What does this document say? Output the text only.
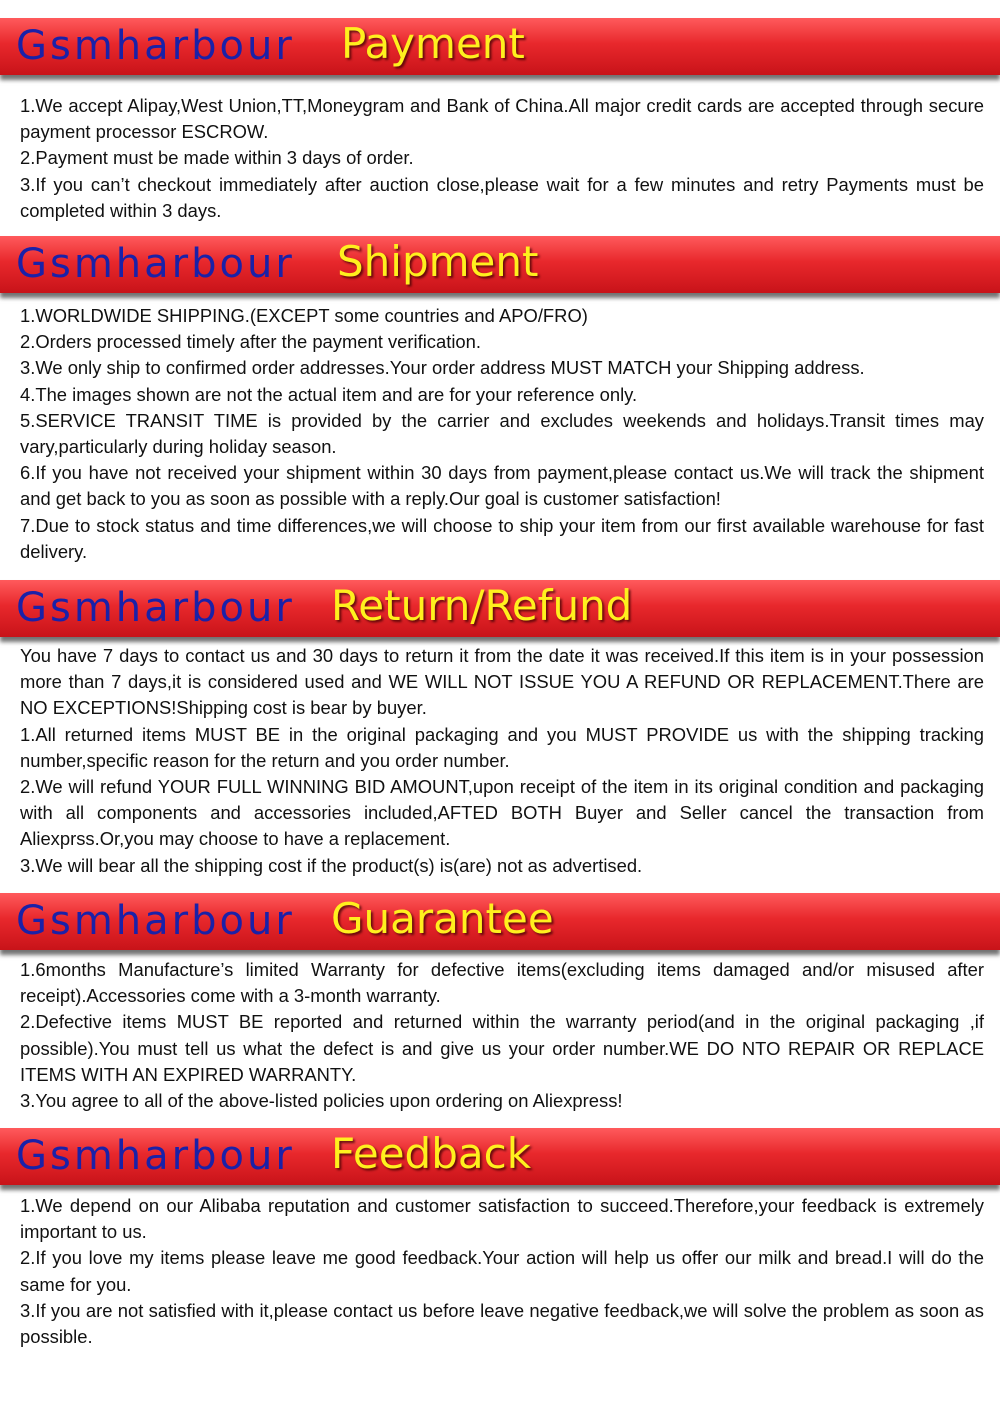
Gsmharbour Payment

1.We accept Alipay,West Union,TT,Moneygram and Bank of China.All major credit cards are accepted through secure payment processor ESCROW.

2.Payment must be made within 3 days of order.

3.If you can’t checkout immediately after auction close,please wait for a few minutes and retry Payments must be completed within 3 days.

Gsmharbour Shipment

1.WORLDWIDE SHIPPING.(EXCEPT some countries and APO/FRO)

2.Orders processed timely after the payment verification.

3.We only ship to confirmed order addresses.Your order address MUST MATCH your Shipping address.

4.The images shown are not the actual item and are for your reference only.

5.SERVICE TRANSIT TIME is provided by the carrier and excludes weekends and holidays.Transit times may vary,particularly during holiday season.

6.If you have not received your shipment within 30 days from payment,please contact us.We will track the shipment and get back to you as soon as possible with a reply.Our goal is customer satisfaction!

7.Due to stock status and time differences,we will choose to ship your item from our first available warehouse for fast delivery.

Gsmharbour Return/Refund

You have 7 days to contact us and 30 days to return it from the date it was received.If this item is in your possession more than 7 days,it is considered used and WE WILL NOT ISSUE YOU A REFUND OR REPLACEMENT.There are NO EXCEPTIONS!Shipping cost is bear by buyer.

1.All returned items MUST BE in the original packaging and you MUST PROVIDE us with the shipping tracking number,specific reason for the return and you order number.

2.We will refund YOUR FULL WINNING BID AMOUNT,upon receipt of the item in its original condition and packaging with all components and accessories included,AFTED BOTH Buyer and Seller cancel the transaction from Aliexprss.Or,you may choose to have a replacement.

3.We will bear all the shipping cost if the product(s) is(are) not as advertised.

Gsmharbour Guarantee

1.6months Manufacture’s limited Warranty for defective items(excluding items damaged and/or misused after receipt).Accessories come with a 3-month warranty.

2.Defective items MUST BE reported and returned within the warranty period(and in the original packaging ,if possible).You must tell us what the defect is and give us your order number.WE DO NTO REPAIR OR REPLACE ITEMS WITH AN EXPIRED WARRANTY.

3.You agree to all of the above-listed policies upon ordering on Aliexpress!

Gsmharbour Feedback

1.We depend on our Alibaba reputation and customer satisfaction to succeed.Therefore,your feedback is extremely important to us.

2.If you love my items please leave me good feedback.Your action will help us offer our milk and bread.I will do the same for you.

3.If you are not satisfied with it,please contact us before leave negative feedback,we will solve the problem as soon as possible.
